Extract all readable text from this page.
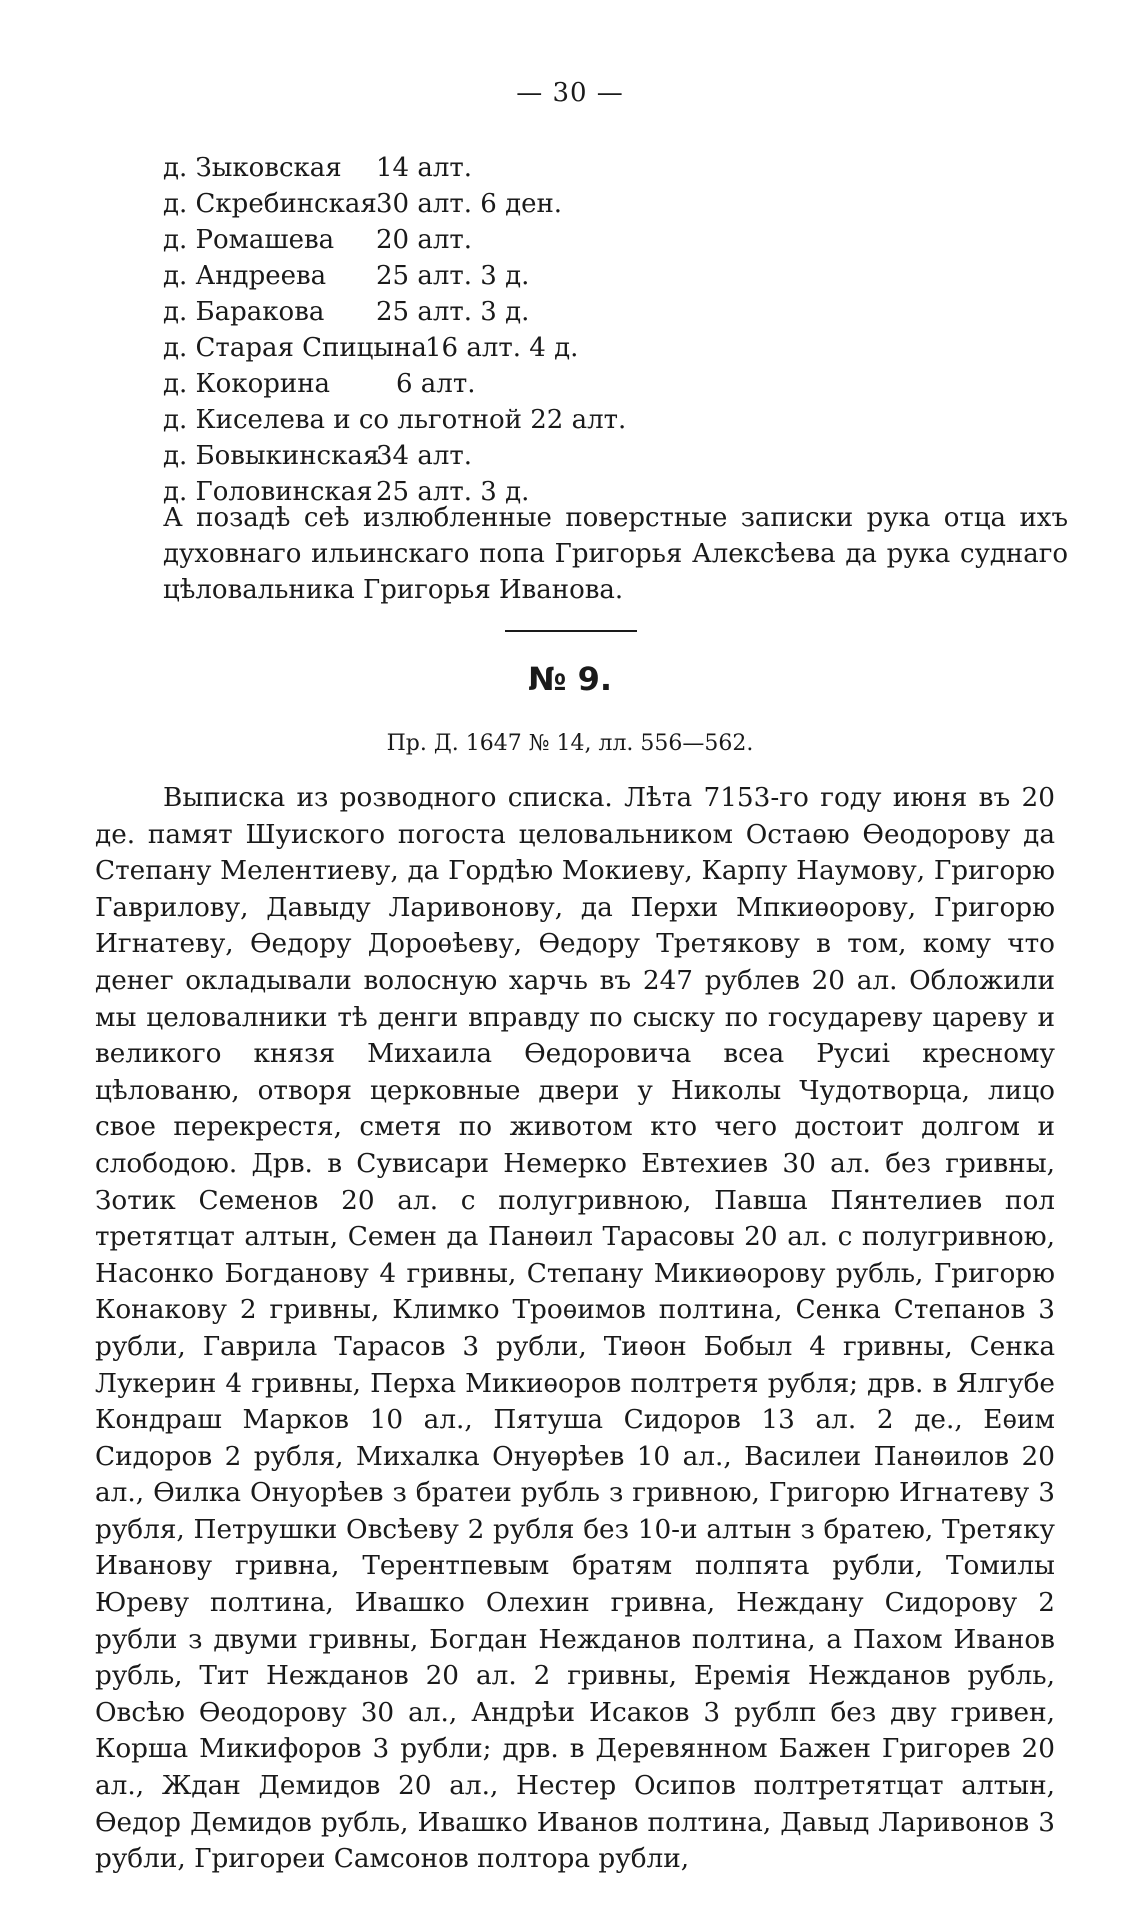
— 30 —
д. Зыковская 14 алт.
д. Скребинская 30 алт. 6 ден.
д. Ромашева 20 алт.
д. Андреева 25 алт. 3 д.
д. Баракова 25 алт. 3 д.
д. Старая Спицына
16 алт. 4 д.
д. Кокорина	6 алт.
д. Киселева и со льготной 22 алт.
д. Бовыкинская
34 алт.
д. Головинская 25 алт. 3 д.
А позадѣ сеѣ излюбленные поверстные записки рука отца ихъ духовнаго ильинскаго попа Григорья Алексѣева да рука суднаго цѣловальника Григорья Иванова.
№ 9.
Пр. Д. 1647 № 14, лл. 556—562.
Выписка из розводного списка. Лѣта 7153-го году июня въ 20 де. памят Шуиского погоста целовальником Остаѳю Ѳеодорову да Степану Мелентиеву, да Гордѣю Мокиеву, Карпу Наумову, Григорю Гаврилову, Давыду Ларивонову, да Перхи Мпкиѳорову, Григорю Игнатеву, Ѳедору Дороѳѣеву, Ѳедору Третякову в том, кому что денег окладывали волосную харчь въ 247 рублев 20 ал. Обложили мы целовалники тѣ денги вправду по сыску по государеву цареву и великого князя Михаила Ѳедоровича всеа Русиі кресному цѣлованю, отворя церковные двери у Николы Чудотворца, лицо свое перекрестя, сметя по животом кто чего достоит долгом и слободою. Дрв. в Сувисари Немерко Евтехиев 30 ал. без гривны, Зотик Семенов 20 ал. с полугривною, Павша Пянтелиев пол третятцат алтын, Семен да Панѳил Тарасовы 20 ал. с полугривною, Насонко Богданову 4 гривны, Степану Микиѳорову рубль, Григорю Конакову 2 гривны, Климко Троѳимов полтина, Сенка Степанов 3 рубли, Гаврила Тарасов 3 рубли, Тиѳон Бобыл 4 гривны, Сенка Лукерин 4 гривны, Перха Микиѳоров полтретя рубля; дрв. в Ялгубе Кондраш Марков 10 ал., Пятуша Сидоров 13 ал. 2 де., Еѳим Сидоров 2 рубля, Михалка Онуѳрѣев 10 ал., Василеи Панѳилов 20 ал., Ѳилка Онуорѣев з братеи рубль з гривною, Григорю Игнатеву 3 рубля, Петрушки Овсѣеву 2 рубля без 10-и алтын з братею, Третяку Иванову гривна, Терентпевым братям полпята рубли, Томилы Юреву полтина, Ивашко Олехин гривна, Неждану Сидорову 2 рубли з двуми гривны, Богдан Нежданов полтина, а Пахом Иванов рубль, Тит Нежданов 20 ал. 2 гривны, Еремія Нежданов рубль, Овсѣю Ѳеодорову 30 ал., Андрѣи Исаков 3 рублп без дву гривен, Корша Микифоров 3 рубли; дрв. в Деревянном Бажен Григорев 20 ал., Ждан Демидов 20 ал., Нестер Осипов полтретятцат алтын, Ѳедор Демидов рубль, Ивашко Иванов полтина, Давыд Ларивонов 3 рубли, Григореи Самсонов полтора рубли,
